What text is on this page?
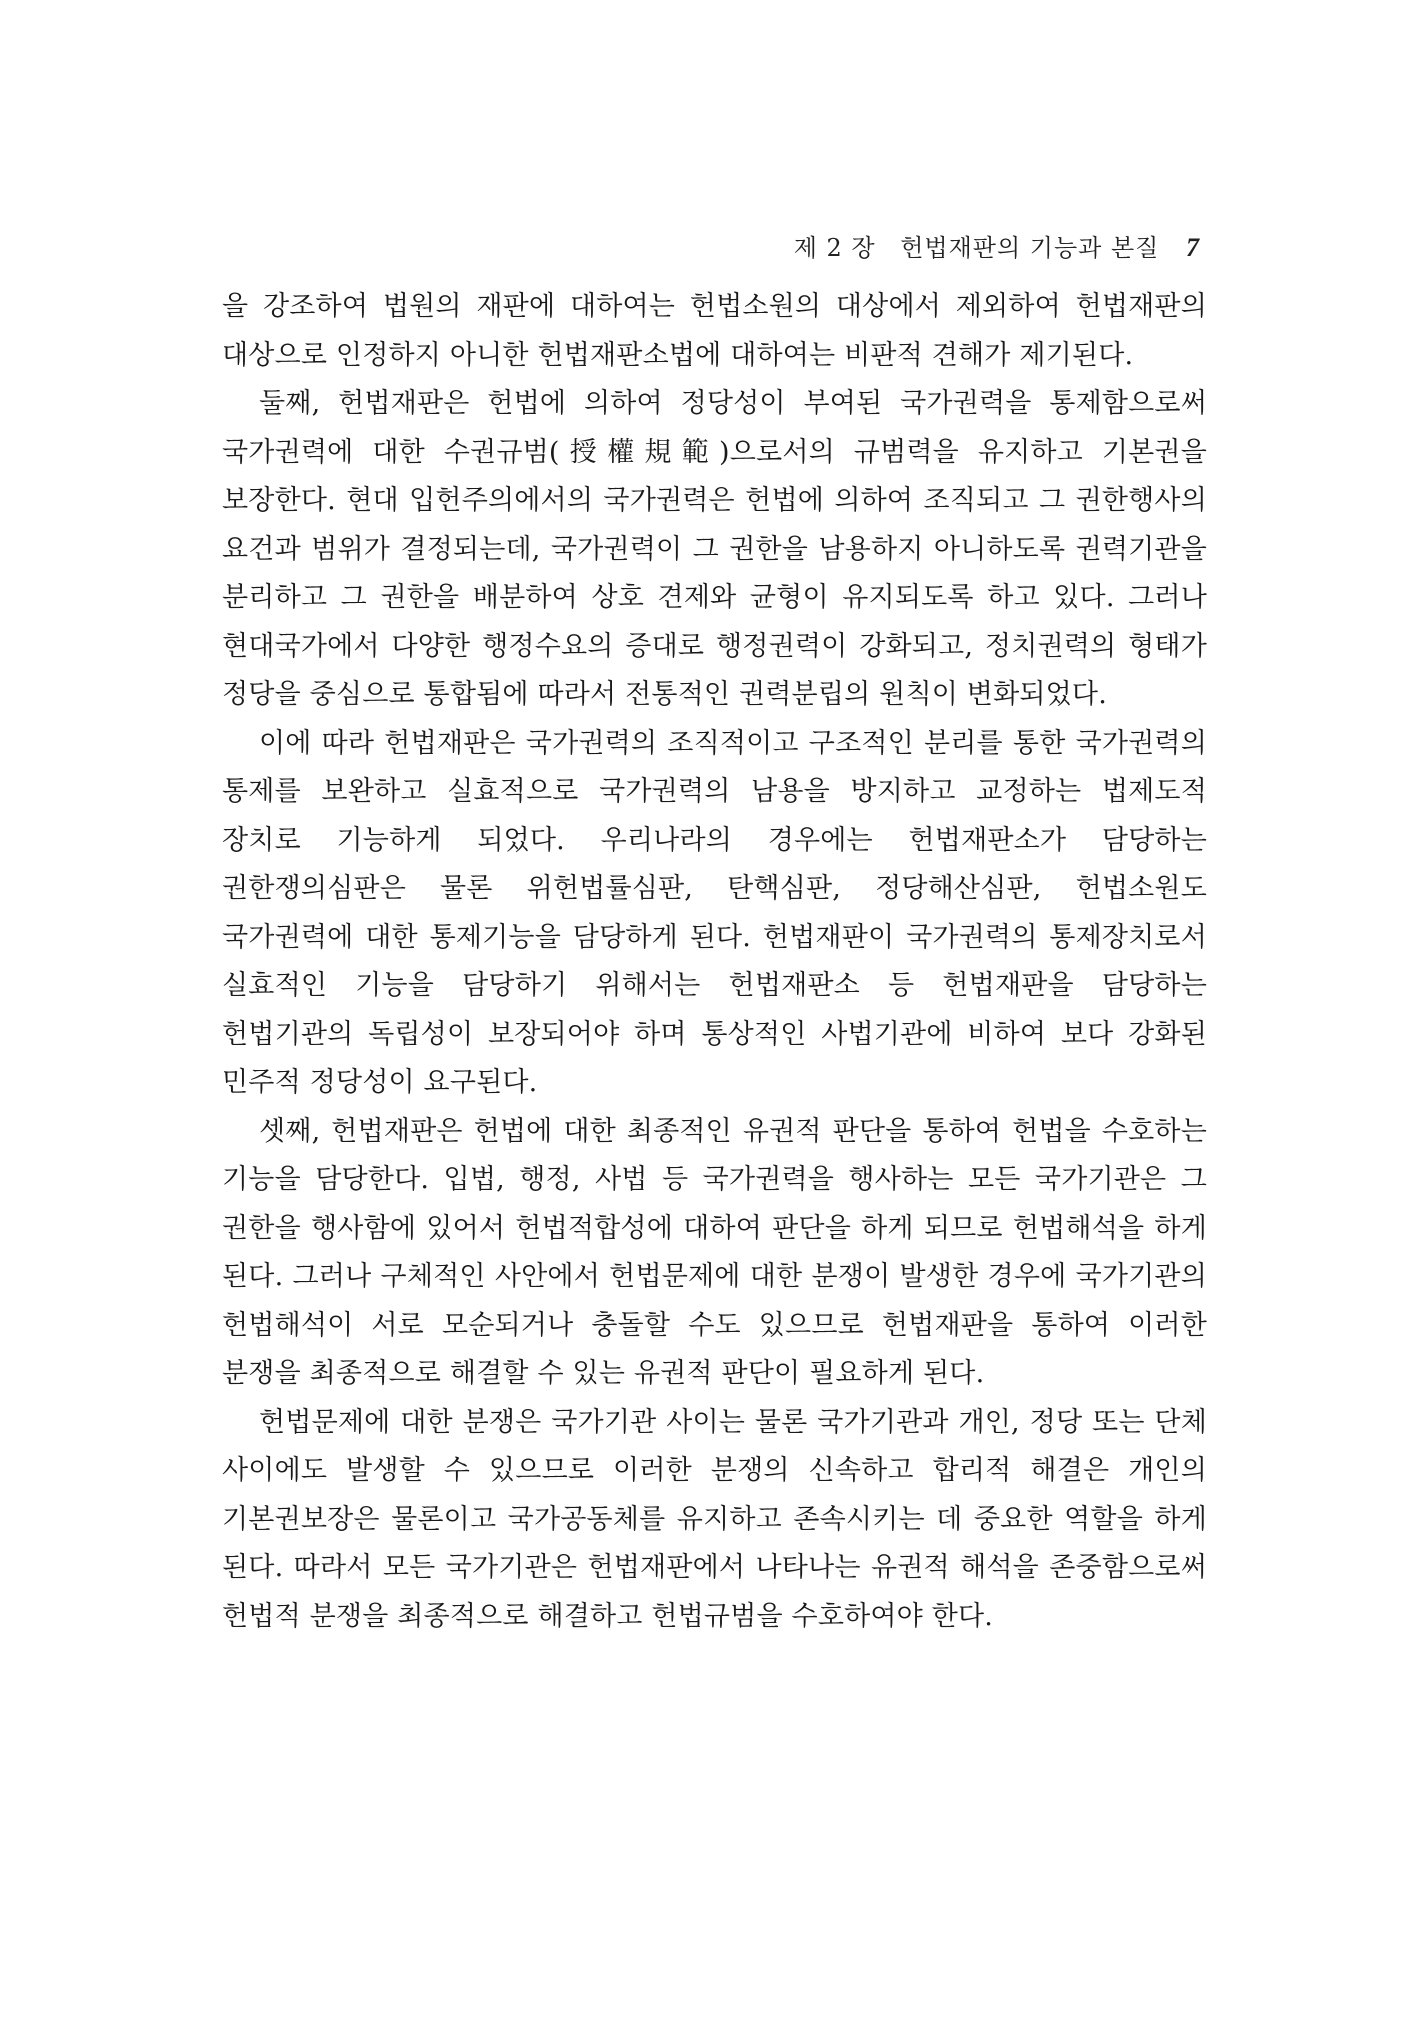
제 2 장 헌법재판의 기능과 본질 7

을 강조하여 법원의 재판에 대하여는 헌법소원의 대상에서 제외하여 헌법재판의 대상으로 인정하지 아니한 헌법재판소법에 대하여는 비판적 견해가 제기된다.

둘째, 헌법재판은 헌법에 의하여 정당성이 부여된 국가권력을 통제함으로써 국가권력에 대한 수권규범(授權規範)으로서의 규범력을 유지하고 기본권을 보장한다. 현대 입헌주의에서의 국가권력은 헌법에 의하여 조직되고 그 권한행사의 요건과 범위가 결정되는데, 국가권력이 그 권한을 남용하지 아니하도록 권력기관을 분리하고 그 권한을 배분하여 상호 견제와 균형이 유지되도록 하고 있다. 그러나 현대국가에서 다양한 행정수요의 증대로 행정권력이 강화되고, 정치권력의 형태가 정당을 중심으로 통합됨에 따라서 전통적인 권력분립의 원칙이 변화되었다.

이에 따라 헌법재판은 국가권력의 조직적이고 구조적인 분리를 통한 국가권력의 통제를 보완하고 실효적으로 국가권력의 남용을 방지하고 교정하는 법제도적 장치로 기능하게 되었다. 우리나라의 경우에는 헌법재판소가 담당하는 권한쟁의심판은 물론 위헌법률심판, 탄핵심판, 정당해산심판, 헌법소원도 국가권력에 대한 통제기능을 담당하게 된다. 헌법재판이 국가권력의 통제장치로서 실효적인 기능을 담당하기 위해서는 헌법재판소 등 헌법재판을 담당하는 헌법기관의 독립성이 보장되어야 하며 통상적인 사법기관에 비하여 보다 강화된 민주적 정당성이 요구된다.

셋째, 헌법재판은 헌법에 대한 최종적인 유권적 판단을 통하여 헌법을 수호하는 기능을 담당한다. 입법, 행정, 사법 등 국가권력을 행사하는 모든 국가기관은 그 권한을 행사함에 있어서 헌법적합성에 대하여 판단을 하게 되므로 헌법해석을 하게 된다. 그러나 구체적인 사안에서 헌법문제에 대한 분쟁이 발생한 경우에 국가기관의 헌법해석이 서로 모순되거나 충돌할 수도 있으므로 헌법재판을 통하여 이러한 분쟁을 최종적으로 해결할 수 있는 유권적 판단이 필요하게 된다.

헌법문제에 대한 분쟁은 국가기관 사이는 물론 국가기관과 개인, 정당 또는 단체 사이에도 발생할 수 있으므로 이러한 분쟁의 신속하고 합리적 해결은 개인의 기본권보장은 물론이고 국가공동체를 유지하고 존속시키는 데 중요한 역할을 하게 된다. 따라서 모든 국가기관은 헌법재판에서 나타나는 유권적 해석을 존중함으로써 헌법적 분쟁을 최종적으로 해결하고 헌법규범을 수호하여야 한다.
